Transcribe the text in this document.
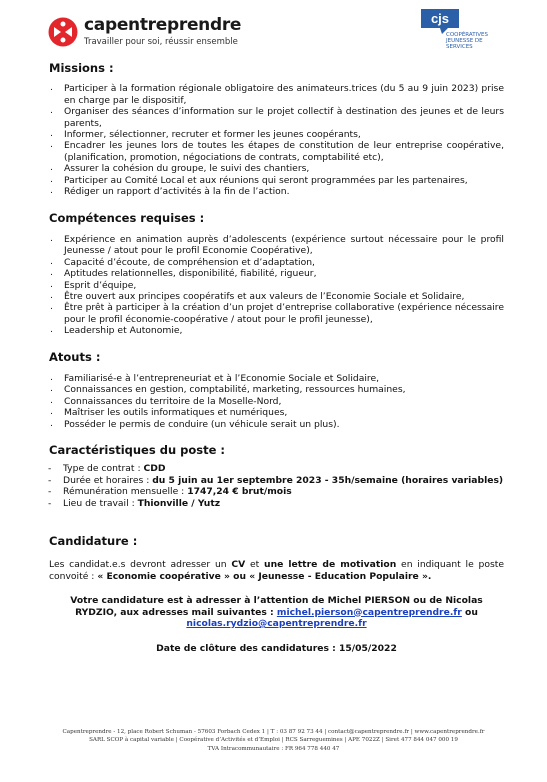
capentreprendre
Travailler pour soi, réussir ensemble
cjs
COOPÉRATIVES
JEUNESSE DE
SERVICES
Missions :
. Participer à la formation régionale obligatoire des animateurs.trices (du 5 au 9 juin 2023) prise en charge par le dispositif,
. Organiser des séances d’information sur le projet collectif à destination des jeunes et de leurs parents,
. Informer, sélectionner, recruter et former les jeunes coopérants,
. Encadrer les jeunes lors de toutes les étapes de constitution de leur entreprise coopérative, (planification, promotion, négociations de contrats, comptabilité etc),
. Assurer la cohésion du groupe, le suivi des chantiers,
. Participer au Comité Local et aux réunions qui seront programmées par les partenaires,
. Rédiger un rapport d’activités à la fin de l’action.
Compétences requises :
. Expérience en animation auprès d’adolescents (expérience surtout nécessaire pour le profil Jeunesse / atout pour le profil Economie Coopérative),
. Capacité d’écoute, de compréhension et d’adaptation,
. Aptitudes relationnelles, disponibilité, fiabilité, rigueur,
. Esprit d’équipe,
. Être ouvert aux principes coopératifs et aux valeurs de l’Economie Sociale et Solidaire,
. Être prêt à participer à la création d’un projet d’entreprise collaborative (expérience nécessaire pour le profil économie-coopérative / atout pour le profil jeunesse),
. Leadership et Autonomie,
Atouts :
. Familiarisé-e à l’entrepreneuriat et à l’Economie Sociale et Solidaire,
. Connaissances en gestion, comptabilité, marketing, ressources humaines,
. Connaissances du territoire de la Moselle-Nord,
. Maîtriser les outils informatiques et numériques,
. Posséder le permis de conduire (un véhicule serait un plus).
Caractéristiques du poste :
- Type de contrat : CDD
- Durée et horaires : du 5 juin au 1er septembre 2023 - 35h/semaine (horaires variables)
- Rémunération mensuelle : 1747,24 € brut/mois
- Lieu de travail : Thionville / Yutz
Candidature :
Les candidat.e.s devront adresser un CV et une lettre de motivation en indiquant le poste convoité : « Economie coopérative » ou « Jeunesse - Education Populaire ».
Votre candidature est à adresser à l’attention de Michel PIERSON ou de Nicolas RYDZIO, aux adresses mail suivantes : michel.pierson@capentreprendre.fr ou nicolas.rydzio@capentreprendre.fr
Date de clôture des candidatures : 15/05/2022
Capentreprendre - 12, place Robert Schuman - 57603 Forbach Cedex 1 | T : 03 87 92 73 44 | contact@capentreprendre.fr | www.capentreprendre.fr
SARL SCOP à capital variable | Coopérative d’Activités et d’Emploi | RCS Sarreguemines | APE 7022Z | Siret 477 844 047 000 19
TVA Intracommunautaire : FR 964 778 440 47
